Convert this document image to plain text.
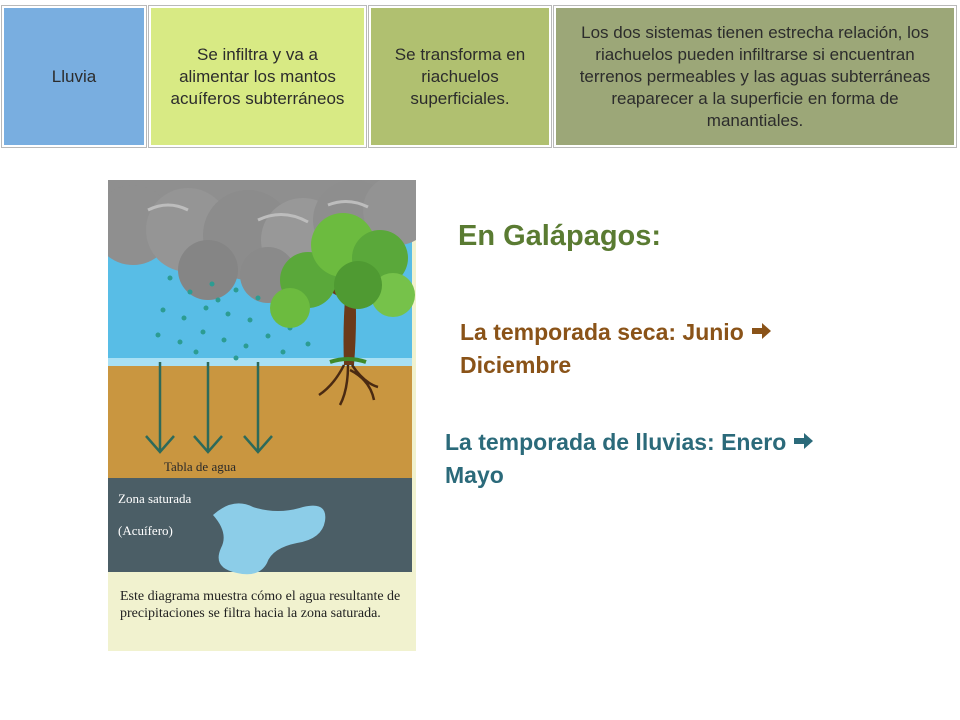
Lluvia
Se infiltra y va a alimentar los mantos acuíferos subterráneos
Se transforma en riachuelos superficiales.
Los dos sistemas tienen estrecha relación, los riachuelos pueden infiltrarse si encuentran terrenos permeables y las aguas subterráneas reaparecer a la superficie en forma de manantiales.
Tabla de agua
Zona saturada
(Acuífero)
Este diagrama muestra cómo el agua resultante de precipitaciones se filtra hacia la zona saturada.
En Galápagos:
La temporada seca: Junio
Diciembre
La temporada de lluvias: Enero
Mayo
